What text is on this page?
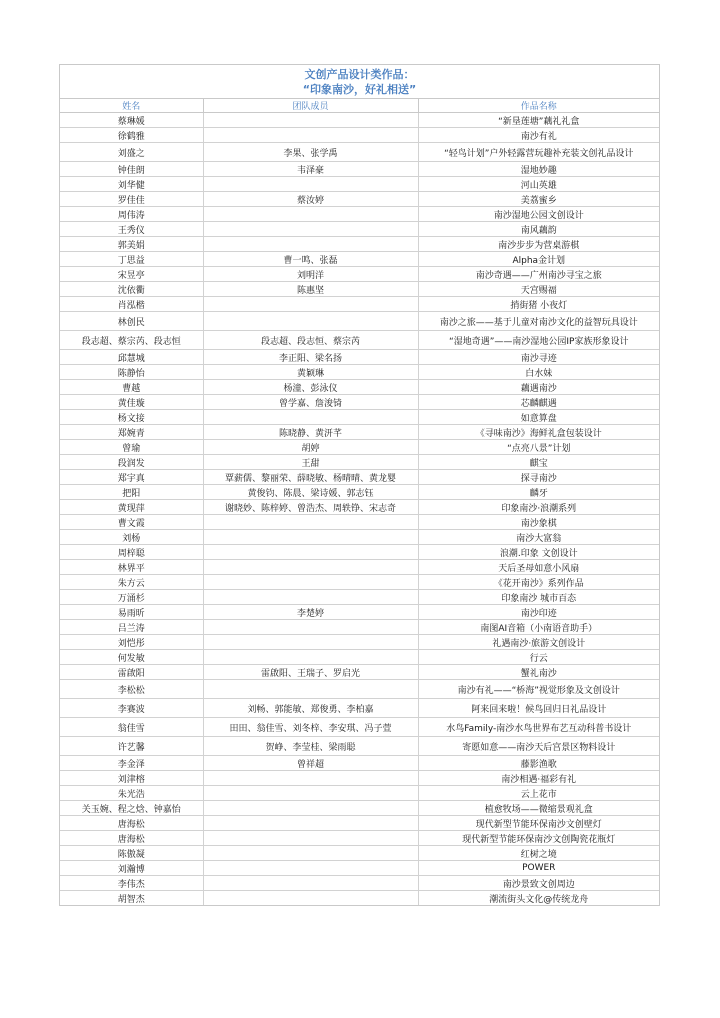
文创产品设计类作品：
“印象南沙，好礼相送”
姓名	团队成员	作品名称
蔡琳媛		“新垦莲塘”藕礼礼盒
徐鹤雅		南沙有礼
刘盛之	李果、张学禹	“轻鸟计划”户外轻露营玩趣补充装文创礼品设计
钟佳朗	韦泽豪	湿地妙趣
刘华健		河山英雄
罗佳佳	蔡汝婷	美荔蜜乡
周伟涛		南沙湿地公园文创设计
王秀仪		南风藕韵
郭美娟		南沙步步为营桌游棋
丁思益	曹一鸣、张磊	Alpha金计划
宋昱亭	刘明洋	南沙奇遇——广州南沙寻宝之旅
沈依衢	陈惠坚	天宫赐福
肖泓楷		捎街猪 小夜灯
林创民		南沙之旅——基于儿童对南沙文化的益智玩具设计
段志超、蔡宗芮、段志恒	段志超、段志恒、蔡宗芮	“湿地奇遇”——南沙湿地公园IP家族形象设计
邱慧城	李正阳、梁名扬	南沙寻迹
陈静怡	黄颖琳	白水妹
曹越	杨潼、彭泳仪	藕遇南沙
黄佳璇	曾学嘉、詹浚锜	芯麟麒遇
杨文接		如意算盘
郑婉青	陈晓静、黄汧芊	《寻味南沙》海鲜礼盒包装设计
曾瑜	胡婷	“点亮八景”计划
段润发	王甜	麒宝
郑宇真	覃薪儒、黎丽荣、薛晓敏、杨晴晴、黄龙婴	探寻南沙
把阳	黄俊钧、陈晨、梁诗媛、郭志钰	麟牙
黄现萍	谢晓妙、陈梓婷、曾浩杰、周轶铮、宋志奇	印象南沙·浪潮系列
曹文霞		南沙象棋
刘杨		南沙大富翁
周梓聪		浪潮.印象 文创设计
林界平		天后圣母如意小风扇
朱方云		《花开南沙》系列作品
万涌杉		印象南沙 城市百态
易雨昕	李楚婷	南沙印迹
吕兰涛		南图AI音箱（小南语音助手）
刘恺彤		礼遇南沙·旅游文创设计
何发敏		行云
雷啟阳	雷啟阳、王瑞子、罗启光	蟹礼南沙
李松松		南沙有礼——“桥海”视觉形象及文创设计
李赛波	刘畅、郭能敏、郑俊勇、李柏嘉	阿来回来啦！候鸟回归日礼品设计
翁佳雪	田田、翁佳雪、刘冬梓、李安琪、冯子萱	水鸟Family-南沙水鸟世界布艺互动科普书设计
许艺馨	贺峥、李莹桂、梁雨聪	寄愿如意——南沙天后宫景区物料设计
李金泽	曾祥超	藤影渔歌
刘津榕		南沙相遇·福彩有礼
朱光浩		云上花市
关玉婉、程之焓、钟嘉怡		植愈牧场——微缩景观礼盒
唐海松		现代新型节能环保南沙文创壁灯
唐海松		现代新型节能环保南沙文创陶瓷花瓶灯
陈傲凝		红树之境
刘瀚博		POWER
李伟杰		南沙景致文创周边
胡智杰		潮流街头文化@传统龙舟
